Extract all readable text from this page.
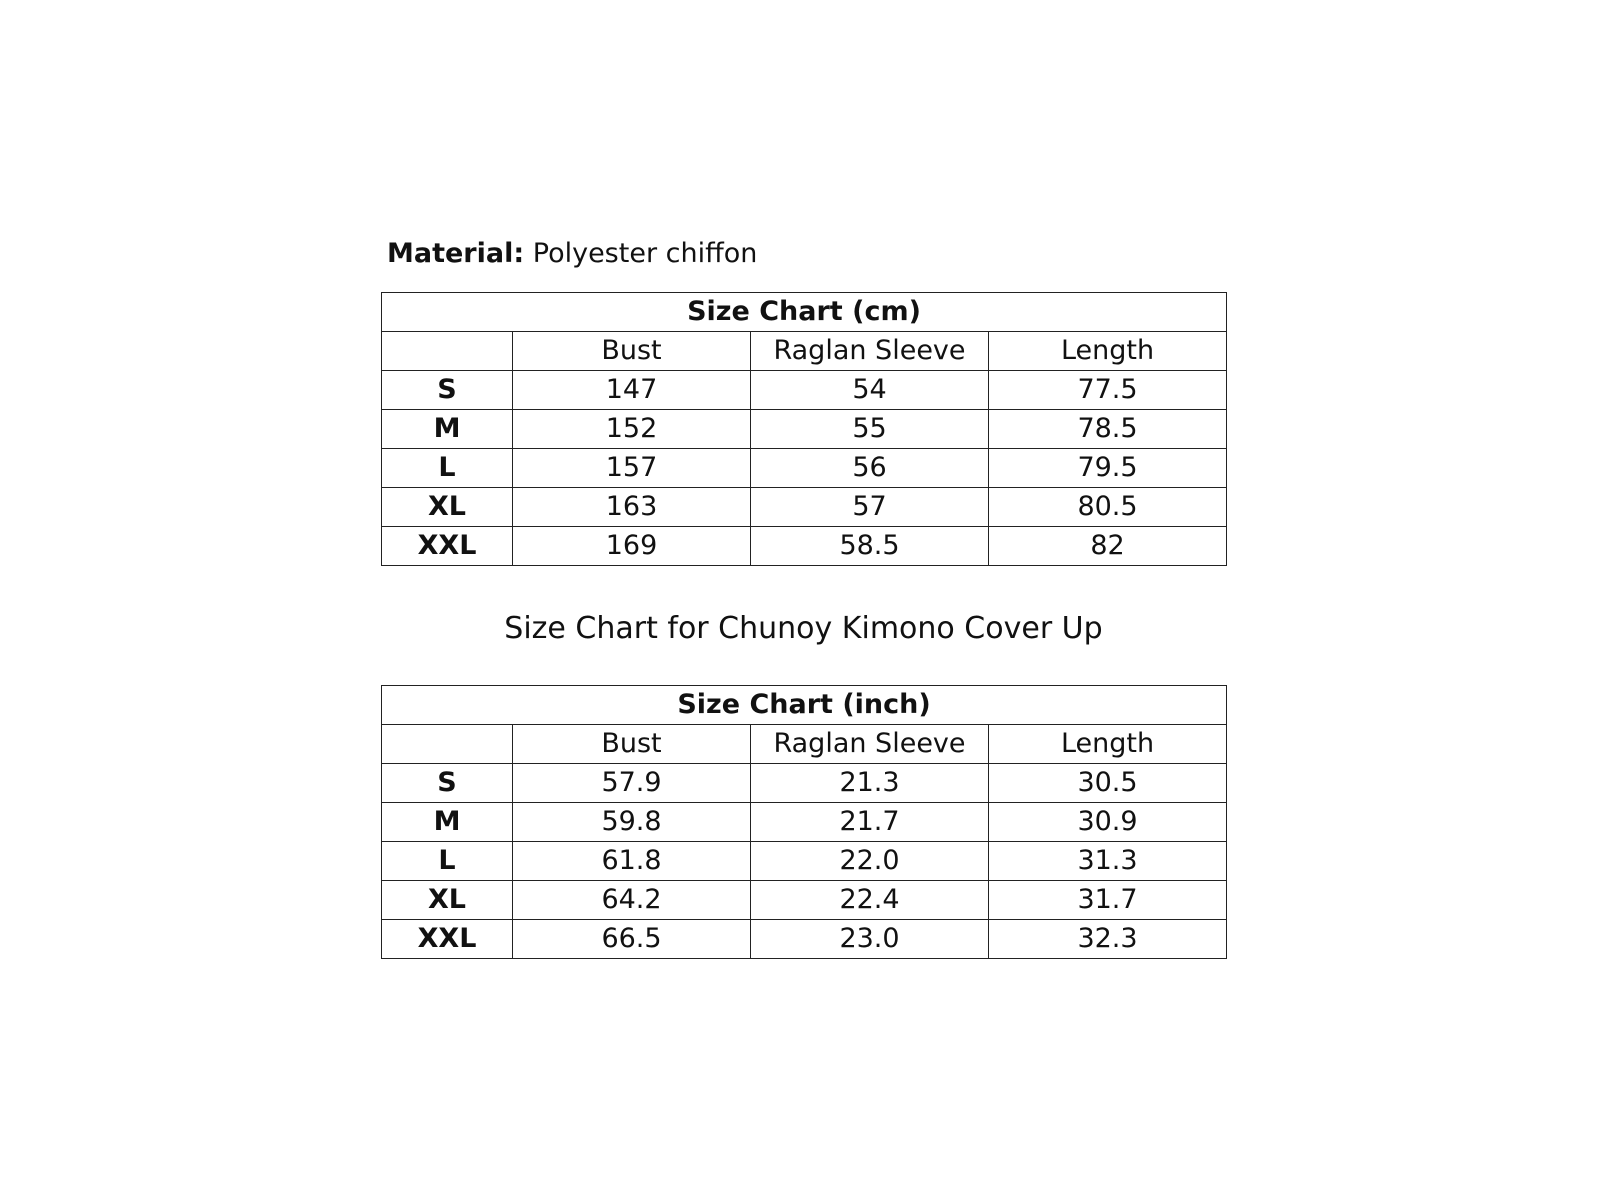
Material: Polyester chiffon
Size Chart (cm)			
	Bust	Raglan Sleeve	Length
S	147	54	77.5
M	152	55	78.5
L	157	56	79.5
XL	163	57	80.5
XXL	169	58.5	82
Size Chart for Chunoy Kimono Cover Up
Size Chart (inch)			
	Bust	Raglan Sleeve	Length
S	57.9	21.3	30.5
M	59.8	21.7	30.9
L	61.8	22.0	31.3
XL	64.2	22.4	31.7
XXL	66.5	23.0	32.3
